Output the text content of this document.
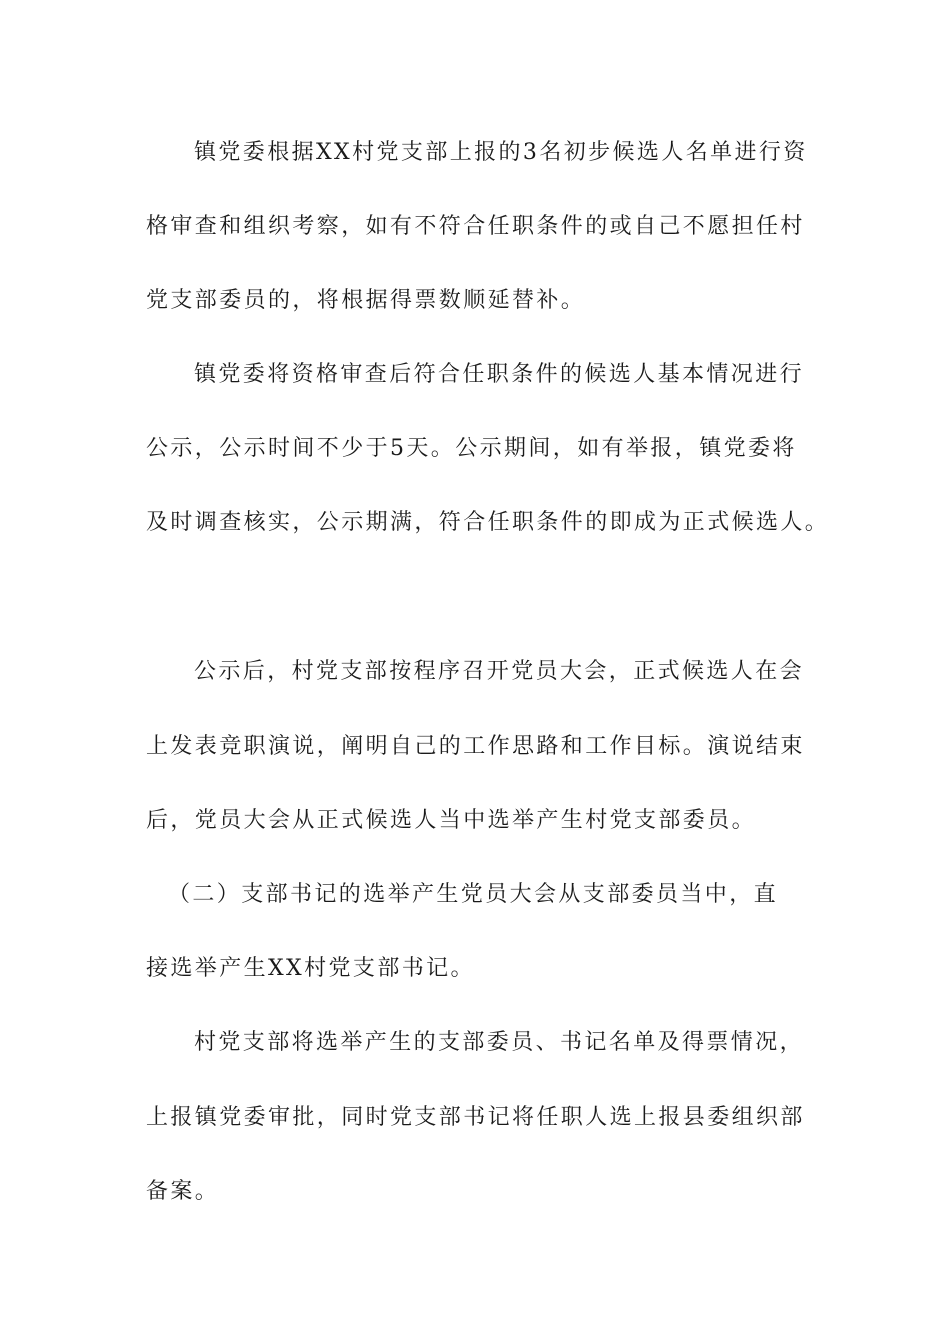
镇党委根据XX村党支部上报的3名初步候选人名单进行资
格审查和组织考察，如有不符合任职条件的或自己不愿担任村
党支部委员的，将根据得票数顺延替补。
镇党委将资格审查后符合任职条件的候选人基本情况进行
公示，公示时间不少于5天。公示期间，如有举报，镇党委将
及时调查核实，公示期满，符合任职条件的即成为正式候选人。
公示后，村党支部按程序召开党员大会，正式候选人在会
上发表竞职演说，阐明自己的工作思路和工作目标。演说结束
后，党员大会从正式候选人当中选举产生村党支部委员。
（二）支部书记的选举产生党员大会从支部委员当中，直
接选举产生XX村党支部书记。
村党支部将选举产生的支部委员、书记名单及得票情况，
上报镇党委审批，同时党支部书记将任职人选上报县委组织部
备案。
